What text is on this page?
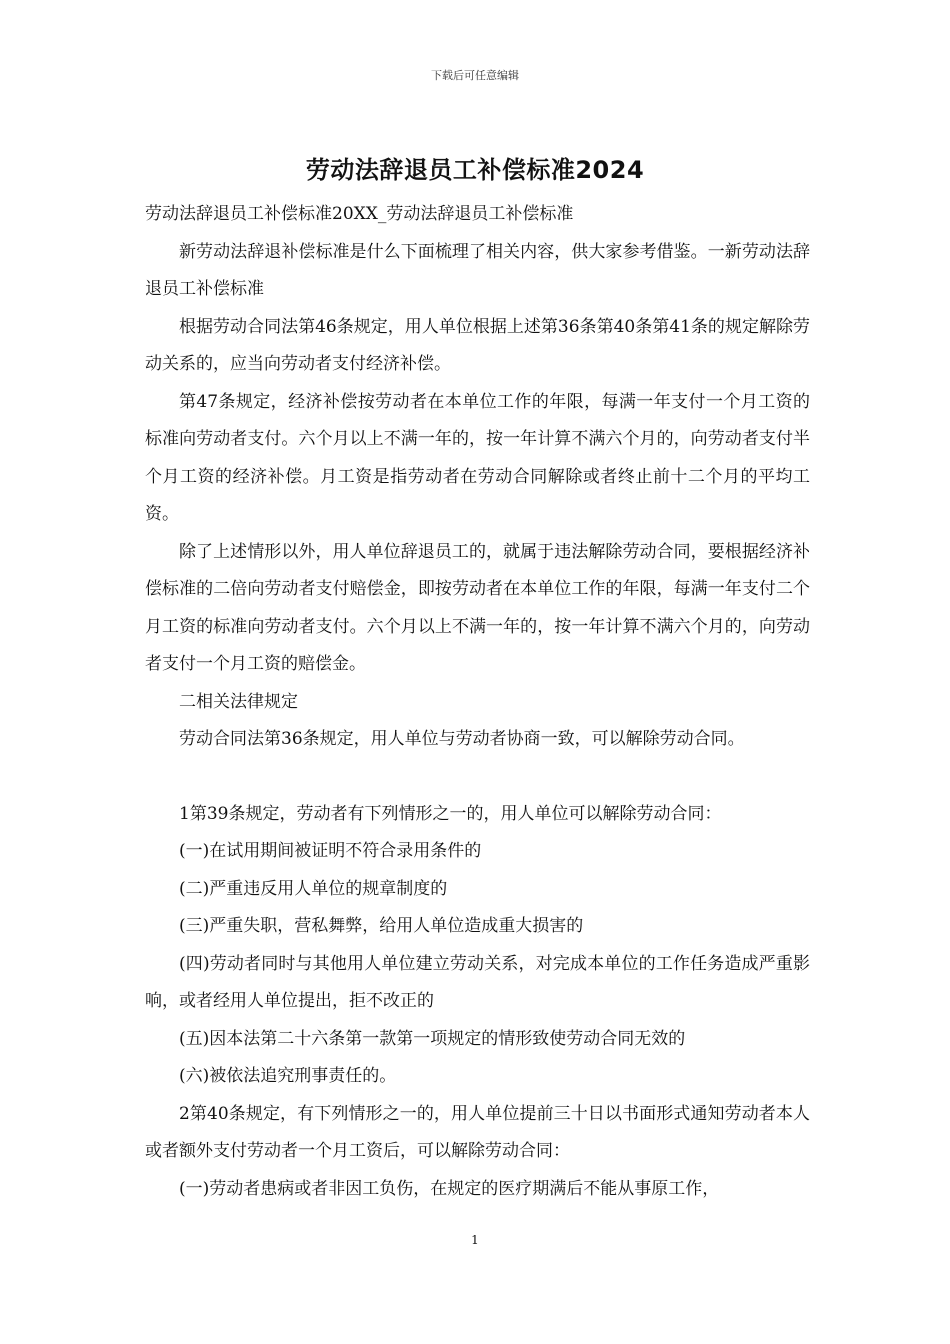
下载后可任意编辑
劳动法辞退员工补偿标准2024

劳动法辞退员工补偿标准20XX_劳动法辞退员工补偿标准

新劳动法辞退补偿标准是什么下面梳理了相关内容，供大家参考借鉴。一新劳动法辞退员工补偿标准

根据劳动合同法第46条规定，用人单位根据上述第36条第40条第41条的规定解除劳动关系的，应当向劳动者支付经济补偿。

第47条规定，经济补偿按劳动者在本单位工作的年限，每满一年支付一个月工资的标准向劳动者支付。六个月以上不满一年的，按一年计算不满六个月的，向劳动者支付半个月工资的经济补偿。月工资是指劳动者在劳动合同解除或者终止前十二个月的平均工资。

除了上述情形以外，用人单位辞退员工的，就属于违法解除劳动合同，要根据经济补偿标准的二倍向劳动者支付赔偿金，即按劳动者在本单位工作的年限，每满一年支付二个月工资的标准向劳动者支付。六个月以上不满一年的，按一年计算不满六个月的，向劳动者支付一个月工资的赔偿金。

二相关法律规定

劳动合同法第36条规定，用人单位与劳动者协商一致，可以解除劳动合同。

1第39条规定，劳动者有下列情形之一的，用人单位可以解除劳动合同：

(一)在试用期间被证明不符合录用条件的

(二)严重违反用人单位的规章制度的

(三)严重失职，营私舞弊，给用人单位造成重大损害的

(四)劳动者同时与其他用人单位建立劳动关系，对完成本单位的工作任务造成严重影响，或者经用人单位提出，拒不改正的

(五)因本法第二十六条第一款第一项规定的情形致使劳动合同无效的

(六)被依法追究刑事责任的。

2第40条规定，有下列情形之一的，用人单位提前三十日以书面形式通知劳动者本人或者额外支付劳动者一个月工资后，可以解除劳动合同：

(一)劳动者患病或者非因工负伤，在规定的医疗期满后不能从事原工作，

1
